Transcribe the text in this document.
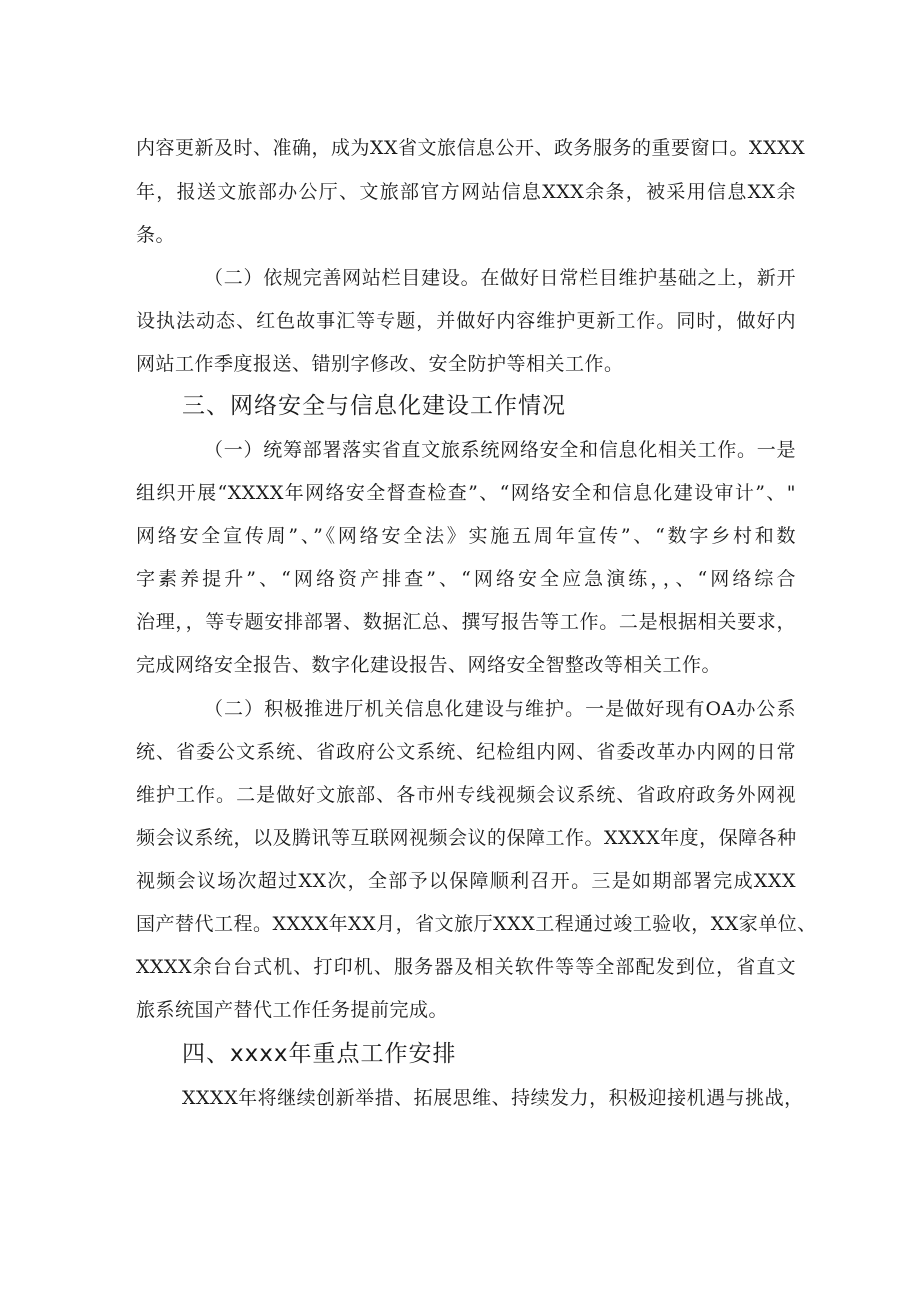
内容更新及时、准确，成为XX省文旅信息公开、政务服务的重要窗口。XXXX
年，报送文旅部办公厅、文旅部官方网站信息XXX余条，被采用信息XX余
条。
（二）依规完善网站栏目建设。在做好日常栏目维护基础之上，新开
设执法动态、红色故事汇等专题，并做好内容维护更新工作。同时，做好内
网站工作季度报送、错别字修改、安全防护等相关工作。
三、网络安全与信息化建设工作情况
（一）统筹部署落实省直文旅系统网络安全和信息化相关工作。一是
组织开展“XXXX年网络安全督查检查”、“网络安全和信息化建设审计”、"
网络安全宣传周”、”《网络安全法》实施五周年宣传”、“数字乡村和数
字素养提升”、“网络资产排查”、“网络安全应急演练，，、“网络综合
治理，，等专题安排部署、数据汇总、撰写报告等工作。二是根据相关要求，
完成网络安全报告、数字化建设报告、网络安全智整改等相关工作。
（二）积极推进厅机关信息化建设与维护。一是做好现有OA办公系
统、省委公文系统、省政府公文系统、纪检组内网、省委改革办内网的日常
维护工作。二是做好文旅部、各市州专线视频会议系统、省政府政务外网视
频会议系统，以及腾讯等互联网视频会议的保障工作。XXXX年度，保障各种
视频会议场次超过XX次，全部予以保障顺利召开。三是如期部署完成XXX
国产替代工程。XXXX年XX月，省文旅厅XXX工程通过竣工验收，XX家单位、
XXXX余台台式机、打印机、服务器及相关软件等等全部配发到位，省直文
旅系统国产替代工作任务提前完成。
四、xxxx年重点工作安排
XXXX年将继续创新举措、拓展思维、持续发力，积极迎接机遇与挑战，
